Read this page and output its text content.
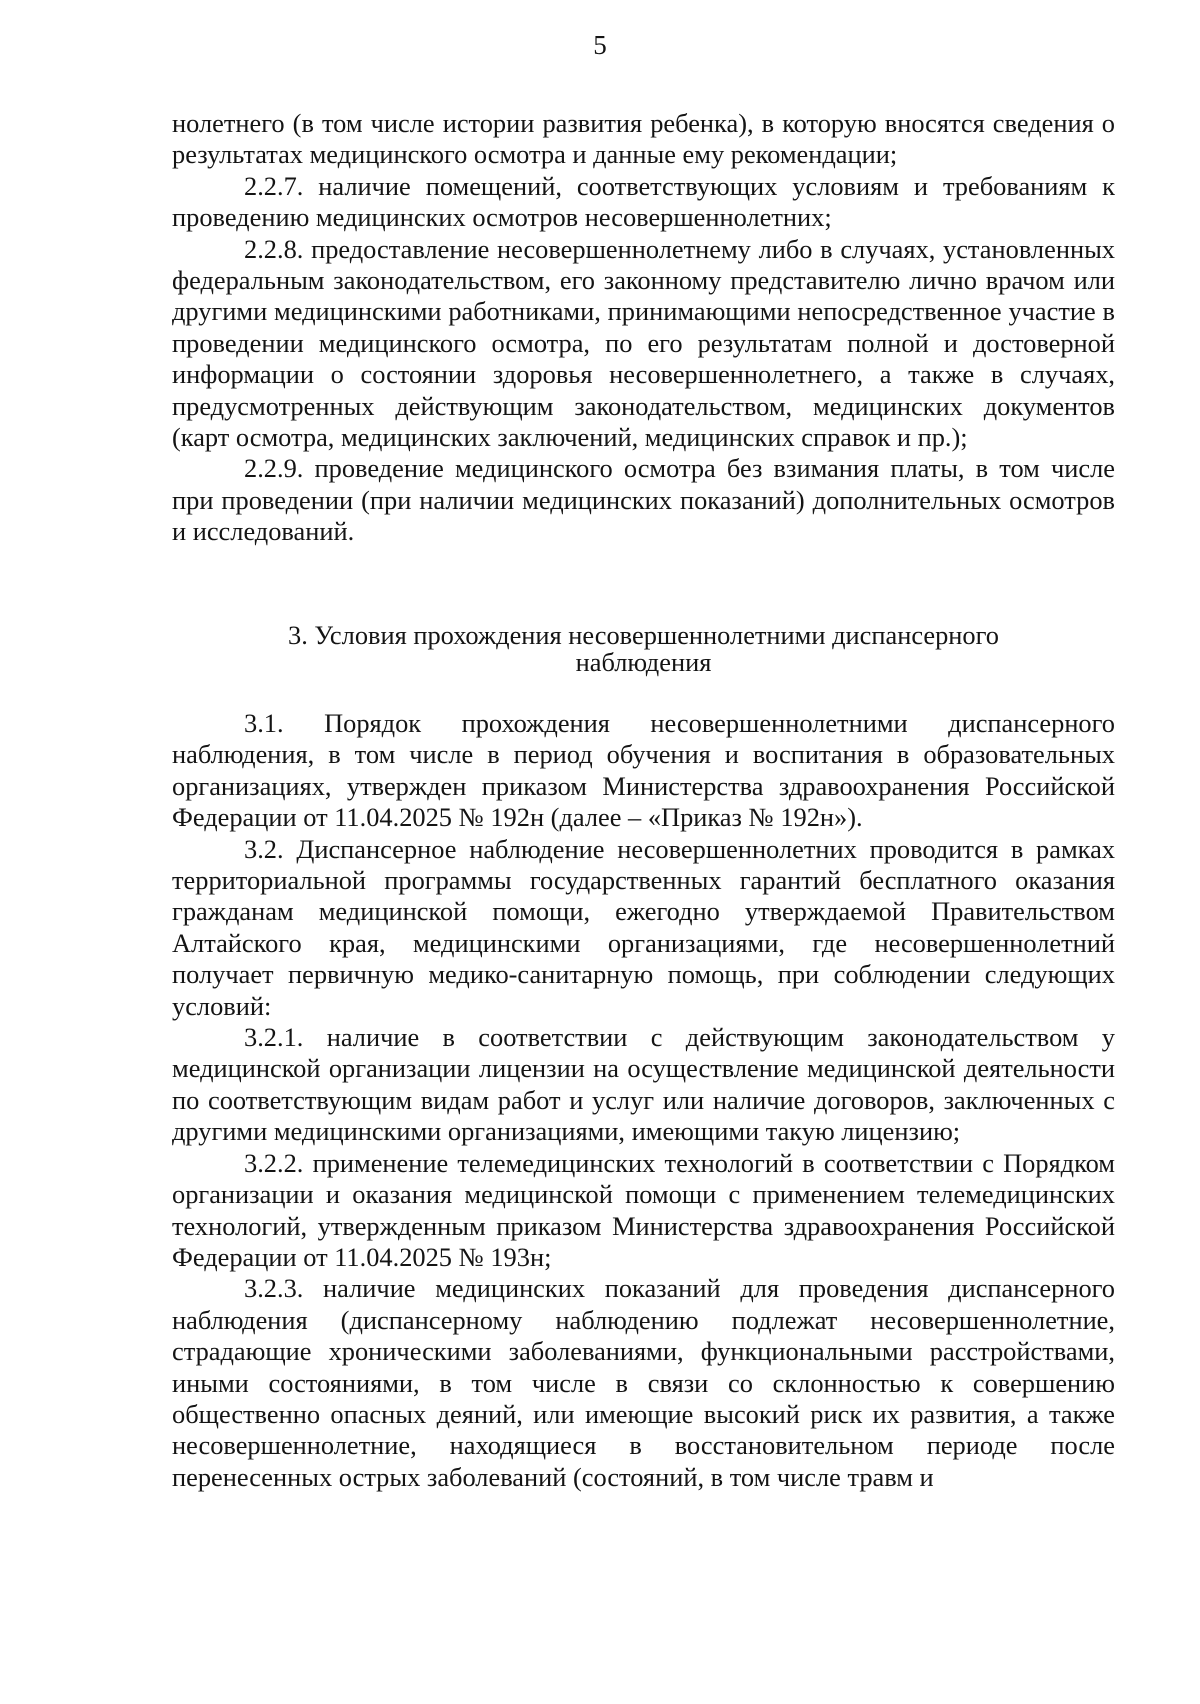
5

нолетнего (в том числе истории развития ребенка), в которую вносятся сведения о результатах медицинского осмотра и данные ему рекомендации;

2.2.7. наличие помещений, соответствующих условиям и требованиям к проведению медицинских осмотров несовершеннолетних;

2.2.8. предоставление несовершеннолетнему либо в случаях, установленных федеральным законодательством, его законному представителю лично врачом или другими медицинскими работниками, принимающими непосредственное участие в проведении медицинского осмотра, по его результатам полной и достоверной информации о состоянии здоровья несовершеннолетнего, а также в случаях, предусмотренных действующим законодательством, медицинских документов (карт осмотра, медицинских заключений, медицинских справок и пр.);

2.2.9. проведение медицинского осмотра без взимания платы, в том числе при проведении (при наличии медицинских показаний) дополнительных осмотров и исследований.

3. Условия прохождения несовершеннолетними диспансерного

наблюдения

3.1. Порядок прохождения несовершеннолетними диспансерного наблюдения, в том числе в период обучения и воспитания в образовательных организациях, утвержден приказом Министерства здравоохранения Российской Федерации от 11.04.2025 № 192н (далее – «Приказ № 192н»).

3.2. Диспансерное наблюдение несовершеннолетних проводится в рамках территориальной программы государственных гарантий бесплатного оказания гражданам медицинской помощи, ежегодно утверждаемой Правительством Алтайского края, медицинскими организациями, где несовершеннолетний получает первичную медико-санитарную помощь, при соблюдении следующих условий:

3.2.1. наличие в соответствии с действующим законодательством у медицинской организации лицензии на осуществление медицинской деятельности по соответствующим видам работ и услуг или наличие договоров, заключенных с другими медицинскими организациями, имеющими такую лицензию;

3.2.2. применение телемедицинских технологий в соответствии с Порядком организации и оказания медицинской помощи с применением телемедицинских технологий, утвержденным приказом Министерства здравоохранения Российской Федерации от 11.04.2025 № 193н;

3.2.3. наличие медицинских показаний для проведения диспансерного наблюдения (диспансерному наблюдению подлежат несовершеннолетние, страдающие хроническими заболеваниями, функциональными расстройствами, иными состояниями, в том числе в связи со склонностью к совершению общественно опасных деяний, или имеющие высокий риск их развития, а также несовершеннолетние, находящиеся в восстановительном периоде после перенесенных острых заболеваний (состояний, в том числе травм и
